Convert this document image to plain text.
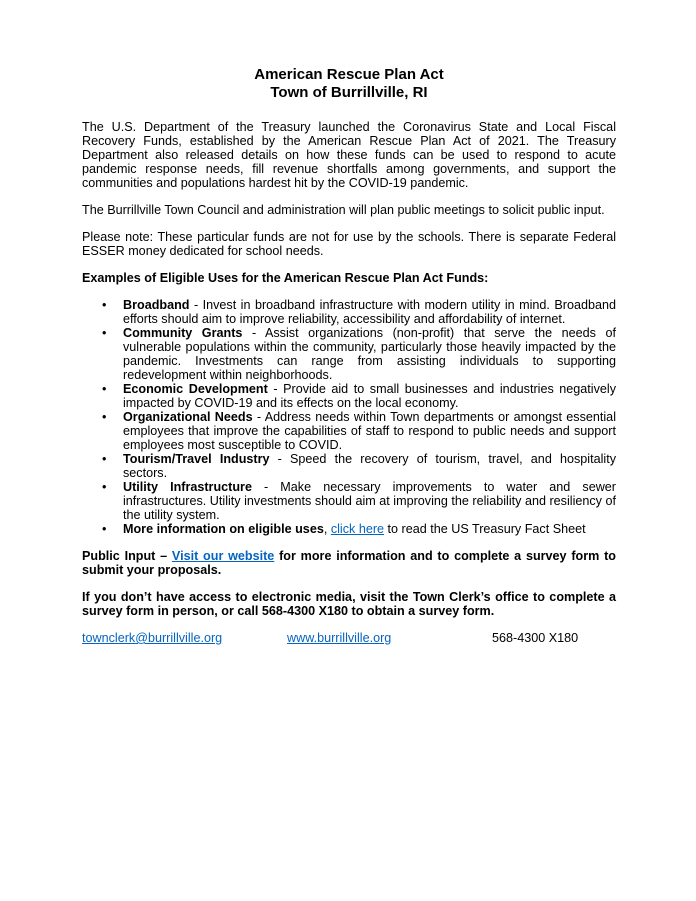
American Rescue Plan Act
Town of Burrillville, RI

The U.S. Department of the Treasury launched the Coronavirus State and Local Fiscal Recovery Funds, established by the American Rescue Plan Act of 2021. The Treasury Department also released details on how these funds can be used to respond to acute pandemic response needs, fill revenue shortfalls among governments, and support the communities and populations hardest hit by the COVID-19 pandemic.

The Burrillville Town Council and administration will plan public meetings to solicit public input.

Please note: These particular funds are not for use by the schools. There is separate Federal ESSER money dedicated for school needs.

Examples of Eligible Uses for the American Rescue Plan Act Funds:

• Broadband - Invest in broadband infrastructure with modern utility in mind. Broadband efforts should aim to improve reliability, accessibility and affordability of internet.
• Community Grants - Assist organizations (non-profit) that serve the needs of vulnerable populations within the community, particularly those heavily impacted by the pandemic. Investments can range from assisting individuals to supporting redevelopment within neighborhoods.
• Economic Development - Provide aid to small businesses and industries negatively impacted by COVID-19 and its effects on the local economy.
• Organizational Needs - Address needs within Town departments or amongst essential employees that improve the capabilities of staff to respond to public needs and support employees most susceptible to COVID.
• Tourism/Travel Industry - Speed the recovery of tourism, travel, and hospitality sectors.
• Utility Infrastructure - Make necessary improvements to water and sewer infrastructures. Utility investments should aim at improving the reliability and resiliency of the utility system.
• More information on eligible uses, click here to read the US Treasury Fact Sheet

Public Input – Visit our website for more information and to complete a survey form to submit your proposals.

If you don’t have access to electronic media, visit the Town Clerk’s office to complete a survey form in person, or call 568-4300 X180 to obtain a survey form.

townclerk@burrillville.org	www.burrillville.org	568-4300 X180
